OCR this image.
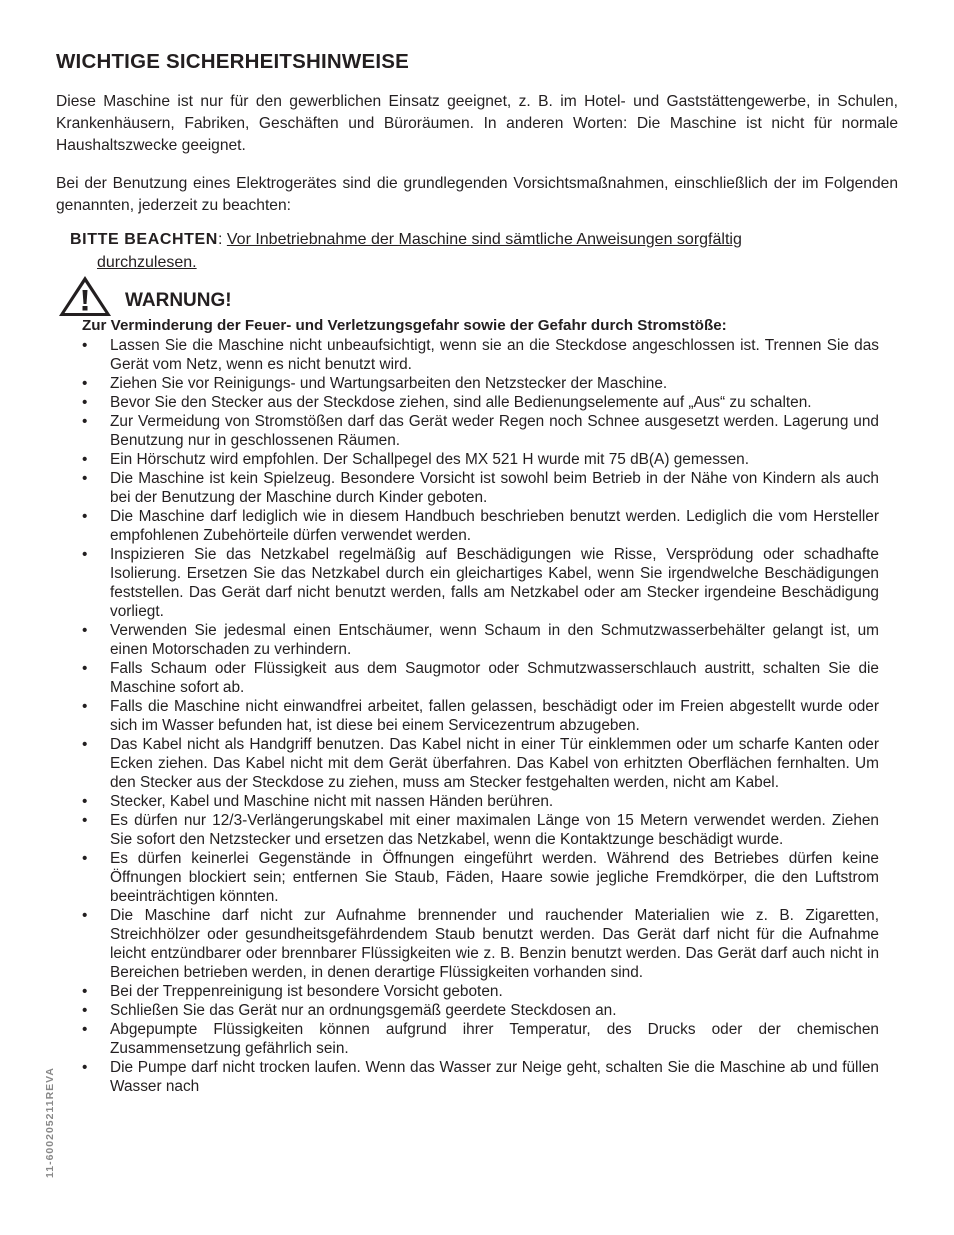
WICHTIGE SICHERHEITSHINWEISE

Diese Maschine ist nur für den gewerblichen Einsatz geeignet, z. B. im Hotel- und Gaststättengewerbe, in Schulen, Krankenhäusern, Fabriken, Geschäften und Büroräumen. In anderen Worten: Die Maschine ist nicht für normale Haushaltszwecke geeignet.

Bei der Benutzung eines Elektrogerätes sind die grundlegenden Vorsichtsmaßnahmen, einschließlich der im Folgenden genannten, jederzeit zu beachten:

BITTE BEACHTEN: Vor Inbetriebnahme der Maschine sind sämtliche Anweisungen sorgfältig
durchzulesen.
WARNUNG!
Zur Verminderung der Feuer- und Verletzungsgefahr sowie der Gefahr durch Stromstöße:
• Lassen Sie die Maschine nicht unbeaufsichtigt, wenn sie an die Steckdose angeschlossen ist. Trennen Sie das Gerät vom Netz, wenn es nicht benutzt wird.
• Ziehen Sie vor Reinigungs- und Wartungsarbeiten den Netzstecker der Maschine.
• Bevor Sie den Stecker aus der Steckdose ziehen, sind alle Bedienungselemente auf „Aus“ zu schalten.
• Zur Vermeidung von Stromstößen darf das Gerät weder Regen noch Schnee ausgesetzt werden. Lagerung und Benutzung nur in geschlossenen Räumen.
• Ein Hörschutz wird empfohlen. Der Schallpegel des MX 521 H wurde mit 75 dB(A) gemessen.
• Die Maschine ist kein Spielzeug. Besondere Vorsicht ist sowohl beim Betrieb in der Nähe von Kindern als auch bei der Benutzung der Maschine durch Kinder geboten.
• Die Maschine darf lediglich wie in diesem Handbuch beschrieben benutzt werden. Lediglich die vom Hersteller empfohlenen Zubehörteile dürfen verwendet werden.
• Inspizieren Sie das Netzkabel regelmäßig auf Beschädigungen wie Risse, Versprödung oder schadhafte Isolierung. Ersetzen Sie das Netzkabel durch ein gleichartiges Kabel, wenn Sie irgendwelche Beschädigungen feststellen. Das Gerät darf nicht benutzt werden, falls am Netzkabel oder am Stecker irgendeine Beschädigung vorliegt.
• Verwenden Sie jedesmal einen Entschäumer, wenn Schaum in den Schmutzwasserbehälter gelangt ist, um einen Motorschaden zu verhindern.
• Falls Schaum oder Flüssigkeit aus dem Saugmotor oder Schmutzwasserschlauch austritt, schalten Sie die Maschine sofort ab.
• Falls die Maschine nicht einwandfrei arbeitet, fallen gelassen, beschädigt oder im Freien abgestellt wurde oder sich im Wasser befunden hat, ist diese bei einem Servicezentrum abzugeben.
• Das Kabel nicht als Handgriff benutzen. Das Kabel nicht in einer Tür einklemmen oder um scharfe Kanten oder Ecken ziehen. Das Kabel nicht mit dem Gerät überfahren. Das Kabel von erhitzten Oberflächen fernhalten. Um den Stecker aus der Steckdose zu ziehen, muss am Stecker festgehalten werden, nicht am Kabel.
• Stecker, Kabel und Maschine nicht mit nassen Händen berühren.
• Es dürfen nur 12/3-Verlängerungskabel mit einer maximalen Länge von 15 Metern verwendet werden. Ziehen Sie sofort den Netzstecker und ersetzen das Netzkabel, wenn die Kontaktzunge beschädigt wurde.
• Es dürfen keinerlei Gegenstände in Öffnungen eingeführt werden. Während des Betriebes dürfen keine Öffnungen blockiert sein; entfernen Sie Staub, Fäden, Haare sowie jegliche Fremdkörper, die den Luftstrom beeinträchtigen könnten.
• Die Maschine darf nicht zur Aufnahme brennender und rauchender Materialien wie z. B. Zigaretten, Streichhölzer oder gesundheitsgefährdendem Staub benutzt werden. Das Gerät darf nicht für die Aufnahme leicht entzündbarer oder brennbarer Flüssigkeiten wie z. B. Benzin benutzt werden. Das Gerät darf auch nicht in Bereichen betrieben werden, in denen derartige Flüssigkeiten vorhanden sind.
• Bei der Treppenreinigung ist besondere Vorsicht geboten.
• Schließen Sie das Gerät nur an ordnungsgemäß geerdete Steckdosen an.
• Abgepumpte Flüssigkeiten können aufgrund ihrer Temperatur, des Drucks oder der chemischen Zusammensetzung gefährlich sein.
• Die Pumpe darf nicht trocken laufen. Wenn das Wasser zur Neige geht, schalten Sie die Maschine ab und füllen Wasser nach
11-600205211REVA
